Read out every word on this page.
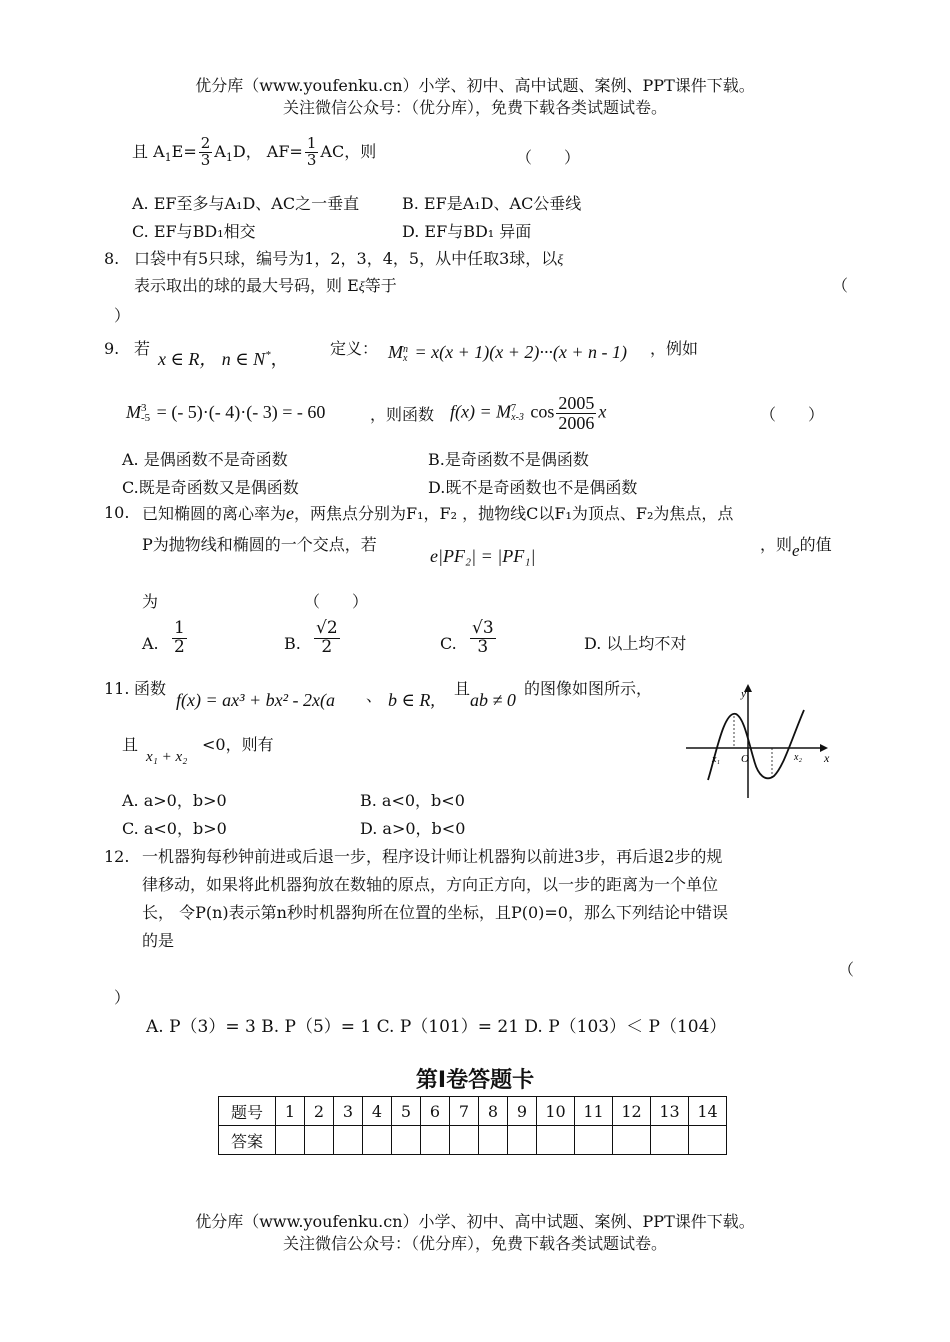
优分库（www.youfenku.cn）小学、初中、高中试题、案例、PPT课件下载。
关注微信公众号：（优分库），免费下载各类试题试卷。
且 $A_1E= \frac{2}{3} A_1D$， $AF= \frac{1}{3}$ AC，则	（　　）
A. EF至多与A₁D、AC之一垂直	B. EF是A₁D、AC公垂线
C. EF与BD₁相交	D. EF与BD₁ 异面
8. 口袋中有5只球，编号为1，2，3，4，5，从中任取3球，以ξ
表示取出的球的最大号码，则 Eξ等于	（
）
9. 若
x ∈ R， n ∈ N*，
定义： M n
x = x(x + 1)(x + 2)···(x + n - 1) ，例如
M 3
-5 = (- 5)·(- 4)·(- 3) = - 60	，则函数 f(x) = M 7
x-3 $\cos \frac{2005}{2006}$ x	（　　）
A. 是偶函数不是奇函数	B.是奇函数不是偶函数
C.既是奇函数又是偶函数	D.既不是奇函数也不是偶函数
10. 已知椭圆的离心率为e，两焦点分别为F₁，F₂ ，抛物线C以F₁为顶点、F₂为焦点，点
P为抛物线和椭圆的一个交点，若
e|PF₂| = |PF₁|
，则e的值
为	（　　）
A. $\frac{1}{2}$	B. $\frac{√2}{2}$	C. $\frac{√3}{3}$	D. 以上均不对
11. 函数
f(x) = ax³ + bx² - 2x(a 、 b ∈ R,
且
ab ≠ 0
的图像如图所示，
且
x₁ + x₂
<0，则有
A. a>0，b>0	B. a<0，b<0
C. a<0，b>0	D. a>0，b<0
y
x
O
x₁	x₂
12. 一机器狗每秒钟前进或后退一步，程序设计师让机器狗以前进3步，再后退2步的规
律移动，如果将此机器狗放在数轴的原点，方向正方向，以一步的距离为一个单位
长， 令P(n)表示第n秒时机器狗所在位置的坐标，且P(0)=0，那么下列结论中错误
的是
（
）
A. P（3）= 3 B. P（5）= 1 C. P（101）= 21 D. P（103）＜ P（104）
第Ⅰ卷答题卡
题号	1	2	3	4	5	6	7	8	9	10	11	12	13	14
答案														
优分库（www.youfenku.cn）小学、初中、高中试题、案例、PPT课件下载。
关注微信公众号：（优分库），免费下载各类试题试卷。
